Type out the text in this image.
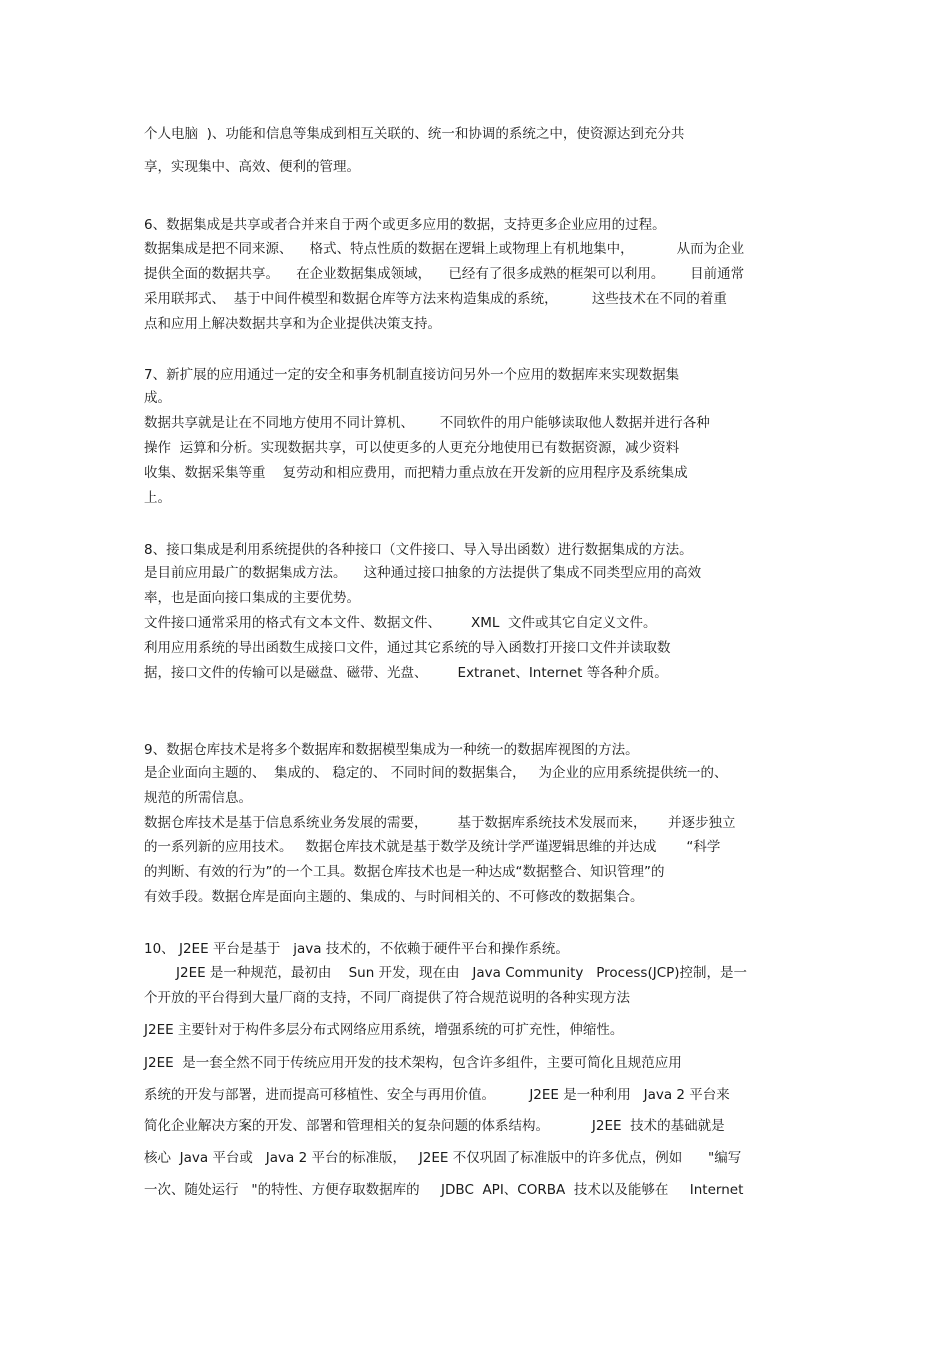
个人电脑  )、功能和信息等集成到相互关联的、统一和协调的系统之中，使资源达到充分共
享，实现集中、高效、便利的管理。
6、数据集成是共享或者合并来自于两个或更多应用的数据，支持更多企业应用的过程。
数据集成是把不同来源、    格式、特点性质的数据在逻辑上或物理上有机地集中，          从而为企业
提供全面的数据共享。    在企业数据集成领域，    已经有了很多成熟的框架可以利用。      目前通常
采用联邦式、  基于中间件模型和数据仓库等方法来构造集成的系统，        这些技术在不同的着重
点和应用上解决数据共享和为企业提供决策支持。
7、新扩展的应用通过一定的安全和事务机制直接访问另外一个应用的数据库来实现数据集
成。
数据共享就是让在不同地方使用不同计算机、      不同软件的用户能够读取他人数据并进行各种
操作  运算和分析。实现数据共享，可以使更多的人更充分地使用已有数据资源，减少资料
收集、数据采集等重    复劳动和相应费用，而把精力重点放在开发新的应用程序及系统集成
上。
8、接口集成是利用系统提供的各种接口（文件接口、导入导出函数）进行数据集成的方法。
是目前应用最广的数据集成方法。    这种通过接口抽象的方法提供了集成不同类型应用的高效
率，也是面向接口集成的主要优势。
文件接口通常采用的格式有文本文件、数据文件、       XML  文件或其它自定义文件。
利用应用系统的导出函数生成接口文件，通过其它系统的导入函数打开接口文件并读取数
据，接口文件的传输可以是磁盘、磁带、光盘、       Extranet、Internet 等各种介质。
9、数据仓库技术是将多个数据库和数据模型集成为一种统一的数据库视图的方法。
是企业面向主题的、  集成的、 稳定的、 不同时间的数据集合，   为企业的应用系统提供统一的、
规范的所需信息。
数据仓库技术是基于信息系统业务发展的需要，       基于数据库系统技术发展而来，     并逐步独立
的一系列新的应用技术。   数据仓库技术就是基于数学及统计学严谨逻辑思维的并达成       “科学
的判断、有效的行为”的一个工具。数据仓库技术也是一种达成“数据整合、知识管理”的
有效手段。数据仓库是面向主题的、集成的、与时间相关的、不可修改的数据集合。
10、 J2EE 平台是基于   java 技术的，不依赖于硬件平台和操作系统。
J2EE 是一种规范，最初由    Sun 开发，现在由   Java Community   Process(JCP)控制，是一
个开放的平台得到大量厂商的支持，不同厂商提供了符合规范说明的各种实现方法
J2EE 主要针对于构件多层分布式网络应用系统，增强系统的可扩充性，伸缩性。
J2EE  是一套全然不同于传统应用开发的技术架构，包含许多组件，主要可简化且规范应用
系统的开发与部署，进而提高可移植性、安全与再用价值。        J2EE 是一种利用   Java 2 平台来
简化企业解决方案的开发、部署和管理相关的复杂问题的体系结构。          J2EE  技术的基础就是
核心  Java 平台或   Java 2 平台的标准版，   J2EE 不仅巩固了标准版中的许多优点，例如      "编写
一次、随处运行   "的特性、方便存取数据库的     JDBC  API、CORBA  技术以及能够在     Internet
